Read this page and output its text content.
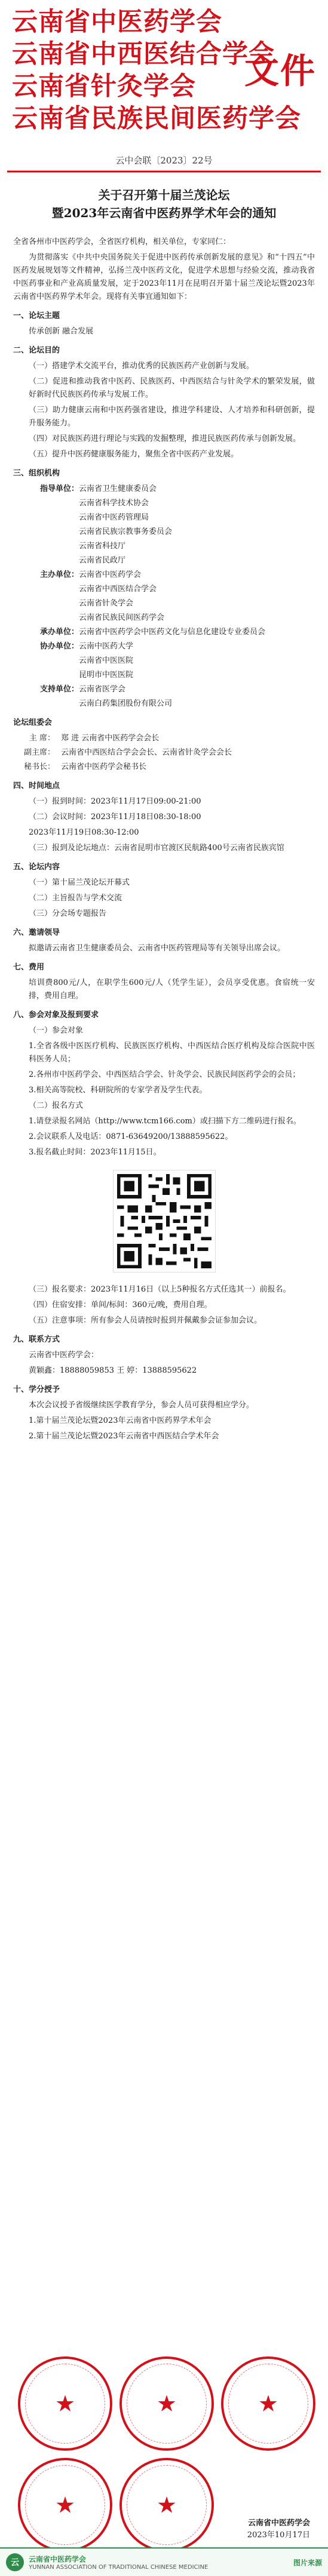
云南省中医药学会
云南省中西医结合学会
云南省针灸学会
云南省民族民间医药学会
文件
云中会联〔2023〕22号
关于召开第十届兰茂论坛
暨2023年云南省中医药界学术年会的通知

全省各州市中医药学会，全省医疗机构，相关单位，专家同仁：

为贯彻落实《中共中央国务院关于促进中医药传承创新发展的意见》和“十四五”中医药发展规划等文件精神，弘扬兰茂中医药文化，促进学术思想与经验交流，推动我省中医药事业和产业高质量发展，定于2023年11月在昆明召开第十届兰茂论坛暨2023年云南省中医药界学术年会。现将有关事宜通知如下：

一、论坛主题

传承创新 融合发展

二、论坛目的

（一）搭建学术交流平台，推动优秀的民族医药产业创新与发展。

（二）促进和推动我省中医药、民族医药、中西医结合与针灸学术的繁荣发展，做好新时代民族医药传承与发展工作。

（三）助力健康云南和中医药强省建设，推进学科建设、人才培养和科研创新，提升服务能力。

（四）对民族医药进行理论与实践的发掘整理，推进民族医药传承与创新发展。

（五）提升中医药健康服务能力，聚焦全省中医药产业发展。

三、组织机构
指导单位： 云南省卫生健康委员会
云南省科学技术协会
云南省中医药管理局
云南省民族宗教事务委员会
云南省科技厅
云南省民政厅
主办单位： 云南省中医药学会
云南省中西医结合学会
云南省针灸学会
云南省民族民间医药学会
承办单位： 云南省中医药学会中医药文化与信息化建设专业委员会
协办单位： 云南中医药大学
云南省中医医院
昆明市中医医院
支持单位： 云南省医学会
云南白药集团股份有限公司
论坛组委会
主 席： 郑 进 云南省中医药学会会长
副主席： 云南省中西医结合学会会长、云南省针灸学会会长
秘书长： 云南省中医药学会秘书长
四、时间地点

（一）报到时间：2023年11月17日09:00-21:00

（二）会议时间：2023年11月18日08:30-18:00

2023年11月19日08:30-12:00

（三）报到及论坛地点：云南省昆明市官渡区民航路400号云南省民族宾馆

五、论坛内容

（一）第十届兰茂论坛开幕式

（二）主旨报告与学术交流

（三）分会场专题报告

六、邀请领导

拟邀请云南省卫生健康委员会、云南省中医药管理局等有关领导出席会议。

七、费用

培训费800元/人，在职学生600元/人（凭学生证），会员享受优惠。食宿统一安排，费用自理。

八、参会对象及报到要求

（一）参会对象

1.全省各级中医医疗机构、民族医医疗机构、中西医结合医疗机构及综合医院中医科医务人员；

2.各州市中医药学会、中西医结合学会、针灸学会、民族民间医药学会的会员；

3.相关高等院校、科研院所的专家学者及学生代表。

（二）报名方式

1.请登录报名网站（http://www.tcm166.com）或扫描下方二维码进行报名。

2.会议联系人及电话：0871-63649200/13888595622。

3.报名截止时间：2023年11月15日。

（三）报名要求：2023年11月16日（以上5种报名方式任选其一）前报名。

（四）住宿安排：单间/标间：360元/晚，费用自理。

（五）注意事项：所有参会人员请按时报到并佩戴参会证参加会议。

九、联系方式

云南省中医药学会：

黄颖鑫：18888059853 王 婷：13888595622

十、学分授予

本次会议授予省级继续医学教育学分，参会人员可获得相应学分。

1.第十届兰茂论坛暨2023年云南省中医药界学术年会

2.第十届兰茂论坛暨2023年云南省中西医结合学术年会

★	★	★
★	★
云南省中医药学会
2023年10月17日
云	云南省中医药学会
YUNNAN ASSOCIATION OF TRADITIONAL CHINESE MEDICINE
图片来源
